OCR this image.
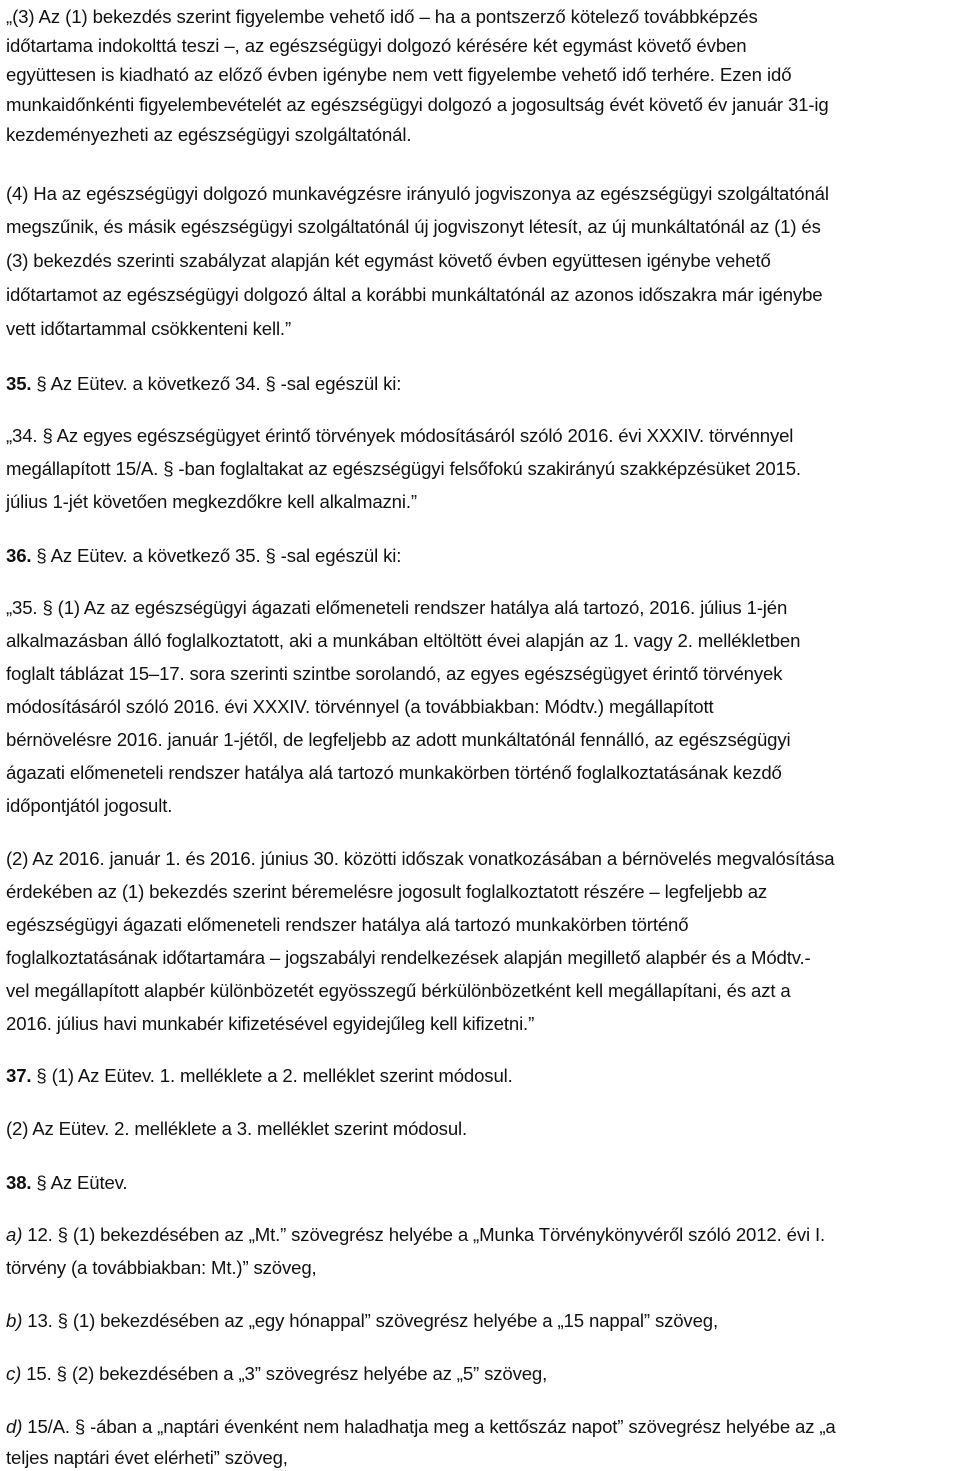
„(3) Az (1) bekezdés szerint figyelembe vehető idő – ha a pontszerző kötelező továbbképzés
időtartama indokolttá teszi –, az egészségügyi dolgozó kérésére két egymást követő évben
együttesen is kiadható az előző évben igénybe nem vett figyelembe vehető idő terhére. Ezen idő
munkaidőnkénti figyelembevételét az egészségügyi dolgozó a jogosultság évét követő év január 31-ig
kezdeményezheti az egészségügyi szolgáltatónál.
(4) Ha az egészségügyi dolgozó munkavégzésre irányuló jogviszonya az egészségügyi szolgáltatónál
megszűnik, és másik egészségügyi szolgáltatónál új jogviszonyt létesít, az új munkáltatónál az (1) és
(3) bekezdés szerinti szabályzat alapján két egymást követő évben együttesen igénybe vehető
időtartamot az egészségügyi dolgozó által a korábbi munkáltatónál az azonos időszakra már igénybe
vett időtartammal csökkenteni kell.”
35. § Az Eütev. a következő 34. § -sal egészül ki:
„34. § Az egyes egészségügyet érintő törvények módosításáról szóló 2016. évi XXXIV. törvénnyel
megállapított 15/A. § -ban foglaltakat az egészségügyi felsőfokú szakirányú szakképzésüket 2015.
július 1-jét követően megkezdőkre kell alkalmazni.”
36. § Az Eütev. a következő 35. § -sal egészül ki:
„35. § (1) Az az egészségügyi ágazati előmeneteli rendszer hatálya alá tartozó, 2016. július 1-jén
alkalmazásban álló foglalkoztatott, aki a munkában eltöltött évei alapján az 1. vagy 2. mellékletben
foglalt táblázat 15–17. sora szerinti szintbe sorolandó, az egyes egészségügyet érintő törvények
módosításáról szóló 2016. évi XXXIV. törvénnyel (a továbbiakban: Módtv.) megállapított
bérnövelésre 2016. január 1-jétől, de legfeljebb az adott munkáltatónál fennálló, az egészségügyi
ágazati előmeneteli rendszer hatálya alá tartozó munkakörben történő foglalkoztatásának kezdő
időpontjától jogosult.
(2) Az 2016. január 1. és 2016. június 30. közötti időszak vonatkozásában a bérnövelés megvalósítása
érdekében az (1) bekezdés szerint béremelésre jogosult foglalkoztatott részére – legfeljebb az
egészségügyi ágazati előmeneteli rendszer hatálya alá tartozó munkakörben történő
foglalkoztatásának időtartamára – jogszabályi rendelkezések alapján megillető alapbér és a Módtv.-
vel megállapított alapbér különbözetét egyösszegű bérkülönbözetként kell megállapítani, és azt a
2016. július havi munkabér kifizetésével egyidejűleg kell kifizetni.”
37. § (1) Az Eütev. 1. melléklete a 2. melléklet szerint módosul.
(2) Az Eütev. 2. melléklete a 3. melléklet szerint módosul.
38. § Az Eütev.
a) 12. § (1) bekezdésében az „Mt.” szövegrész helyébe a „Munka Törvénykönyvéről szóló 2012. évi I.
törvény (a továbbiakban: Mt.)” szöveg,
b) 13. § (1) bekezdésében az „egy hónappal” szövegrész helyébe a „15 nappal” szöveg,
c) 15. § (2) bekezdésében a „3” szövegrész helyébe az „5” szöveg,
d) 15/A. § -ában a „naptári évenként nem haladhatja meg a kettőszáz napot” szövegrész helyébe az „a
teljes naptári évet elérheti” szöveg,
